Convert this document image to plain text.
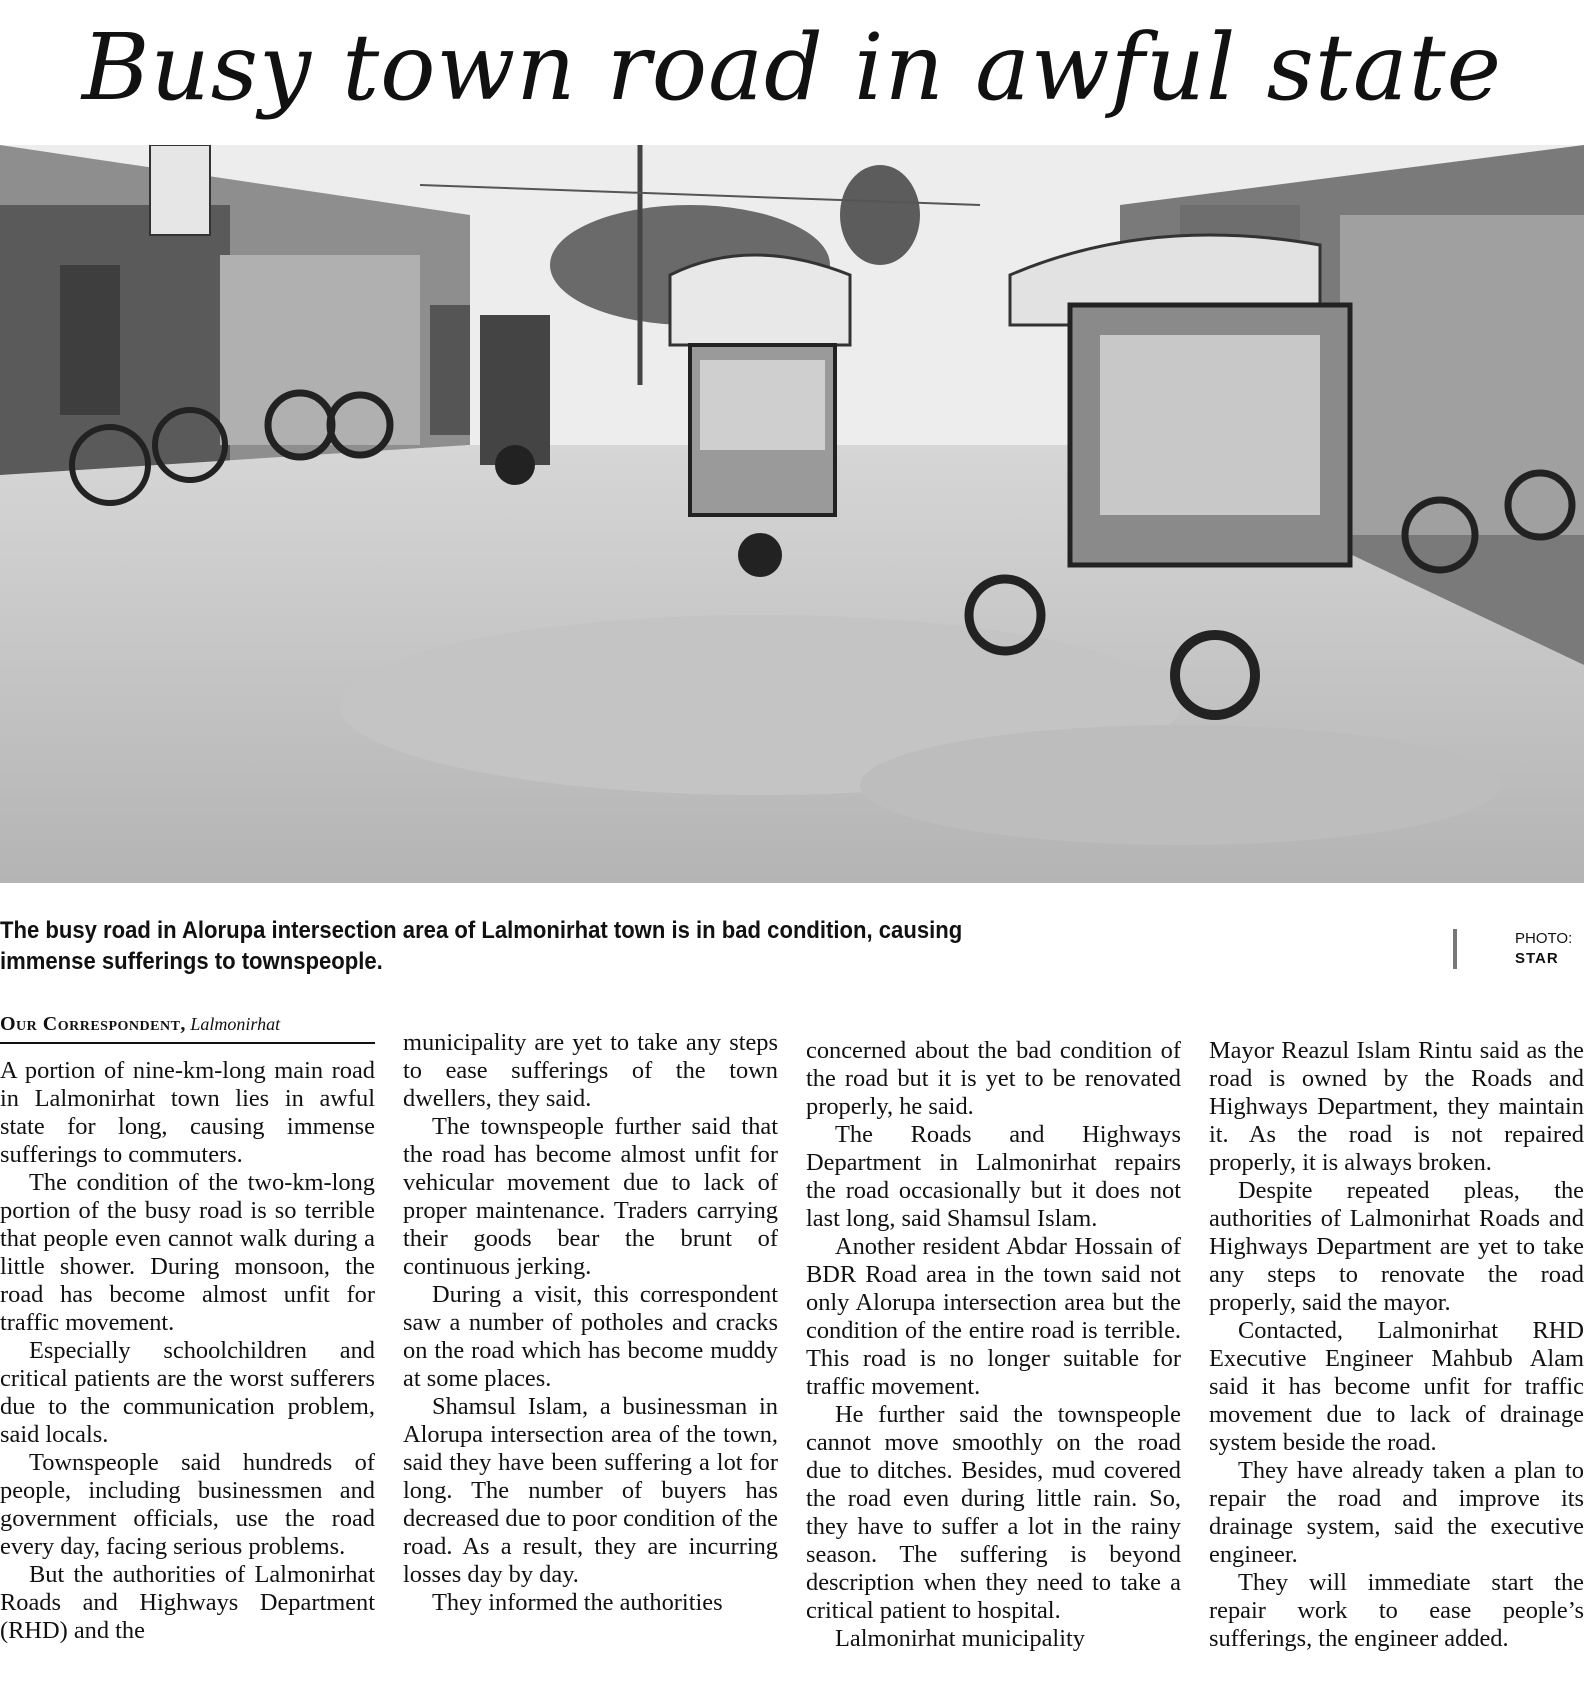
Busy town road in awful state

The busy road in Alorupa intersection area of Lalmonirhat town is in bad condition, causing immense sufferings to townspeople.

PHOTO:
STAR
Our Correspondent, Lalmonirhat

A portion of nine-km-long main road in Lalmonirhat town lies in awful state for long, causing immense sufferings to commuters.

The condition of the two-km-long portion of the busy road is so terrible that people even cannot walk during a little shower. During monsoon, the road has become almost unfit for traffic movement.

Especially schoolchildren and critical patients are the worst sufferers due to the communication problem, said locals.

Townspeople said hundreds of people, including businessmen and government officials, use the road every day, facing serious problems.

But the authorities of Lalmonirhat Roads and Highways Department (RHD) and the

municipality are yet to take any steps to ease sufferings of the town dwellers, they said.

The townspeople further said that the road has become almost unfit for vehicular movement due to lack of proper maintenance. Traders carrying their goods bear the brunt of continuous jerking.

During a visit, this correspondent saw a number of potholes and cracks on the road which has become muddy at some places.

Shamsul Islam, a businessman in Alorupa intersection area of the town, said they have been suffering a lot for long. The number of buyers has decreased due to poor condition of the road. As a result, they are incurring losses day by day.

They informed the authorities

concerned about the bad condition of the road but it is yet to be renovated properly, he said.

The Roads and Highways Department in Lalmonirhat repairs the road occasionally but it does not last long, said Shamsul Islam.

Another resident Abdar Hossain of BDR Road area in the town said not only Alorupa intersection area but the condition of the entire road is terrible. This road is no longer suitable for traffic movement.

He further said the townspeople cannot move smoothly on the road due to ditches. Besides, mud covered the road even during little rain. So, they have to suffer a lot in the rainy season. The suffering is beyond description when they need to take a critical patient to hospital.

Lalmonirhat municipality

Mayor Reazul Islam Rintu said as the road is owned by the Roads and Highways Department, they maintain it. As the road is not repaired properly, it is always broken.

Despite repeated pleas, the authorities of Lalmonirhat Roads and Highways Department are yet to take any steps to renovate the road properly, said the mayor.

Contacted, Lalmonirhat RHD Executive Engineer Mahbub Alam said it has become unfit for traffic movement due to lack of drainage system beside the road.

They have already taken a plan to repair the road and improve its drainage system, said the executive engineer.

They will immediate start the repair work to ease people’s sufferings, the engineer added.
